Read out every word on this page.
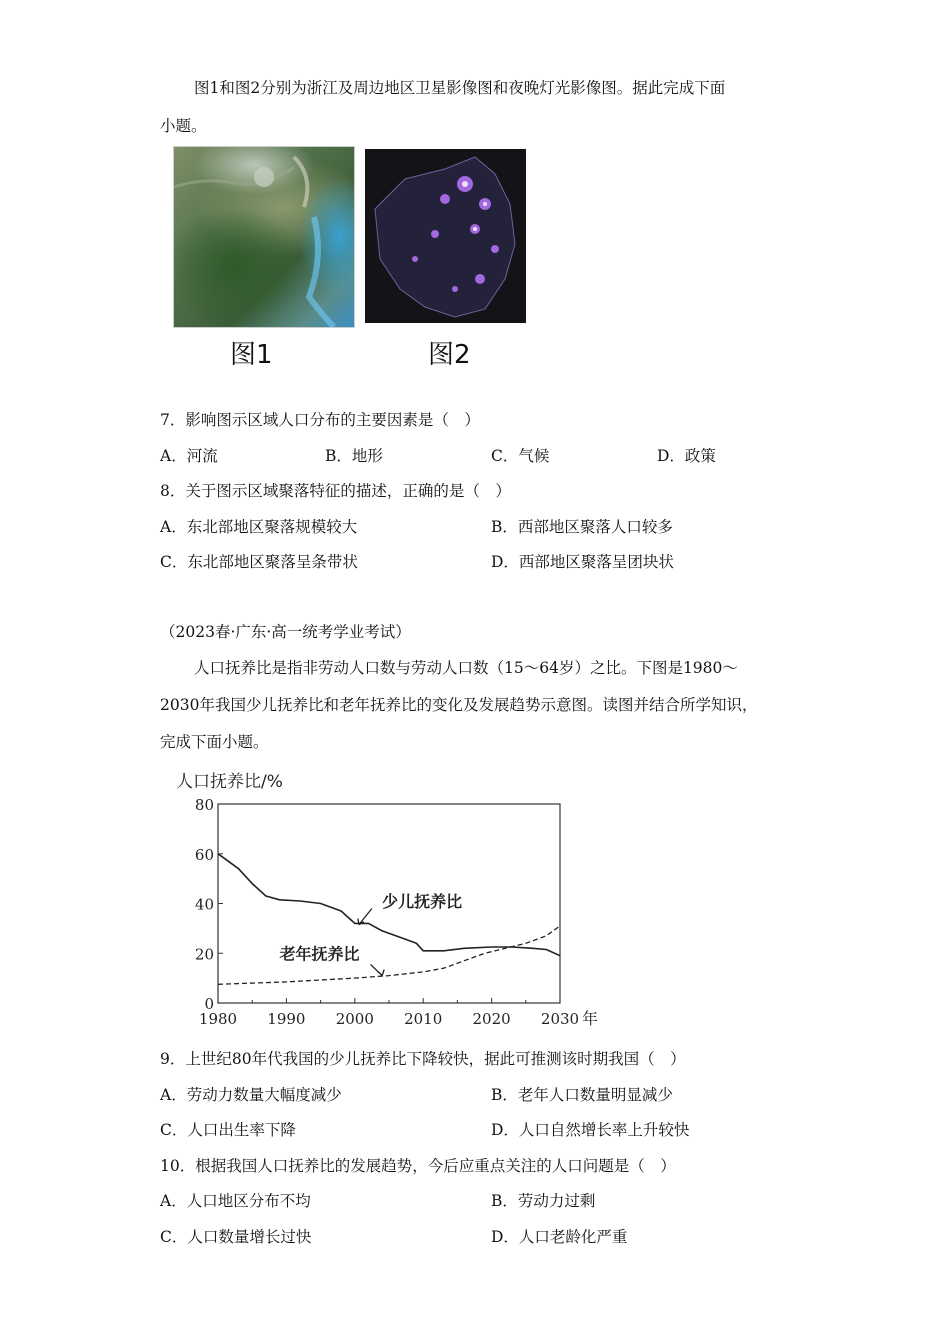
图1和图2分别为浙江及周边地区卫星影像图和夜晚灯光影像图。据此完成下面
小题。
图1	图2
7．影响图示区域人口分布的主要因素是（　）
A．河流	B．地形	C．气候	D．政策
8．关于图示区域聚落特征的描述，正确的是（　）
A．东北部地区聚落规模较大	B．西部地区聚落人口较多
C．东北部地区聚落呈条带状	D．西部地区聚落呈团块状
（2023春·广东·高一统考学业考试）
人口抚养比是指非劳动人口数与劳动人口数（15～64岁）之比。下图是1980～
2030年我国少儿抚养比和老年抚养比的变化及发展趋势示意图。读图并结合所学知识，
完成下面小题。
人口抚养比/%
0
20
40
60
80
1980 1990 2000 2010 2020 2030 年
少儿抚养比
老年抚养比
9．上世纪80年代我国的少儿抚养比下降较快，据此可推测该时期我国（　）
A．劳动力数量大幅度减少	B．老年人口数量明显减少
C．人口出生率下降	D．人口自然增长率上升较快
10．根据我国人口抚养比的发展趋势，今后应重点关注的人口问题是（　）
A．人口地区分布不均	B．劳动力过剩
C．人口数量增长过快	D．人口老龄化严重
